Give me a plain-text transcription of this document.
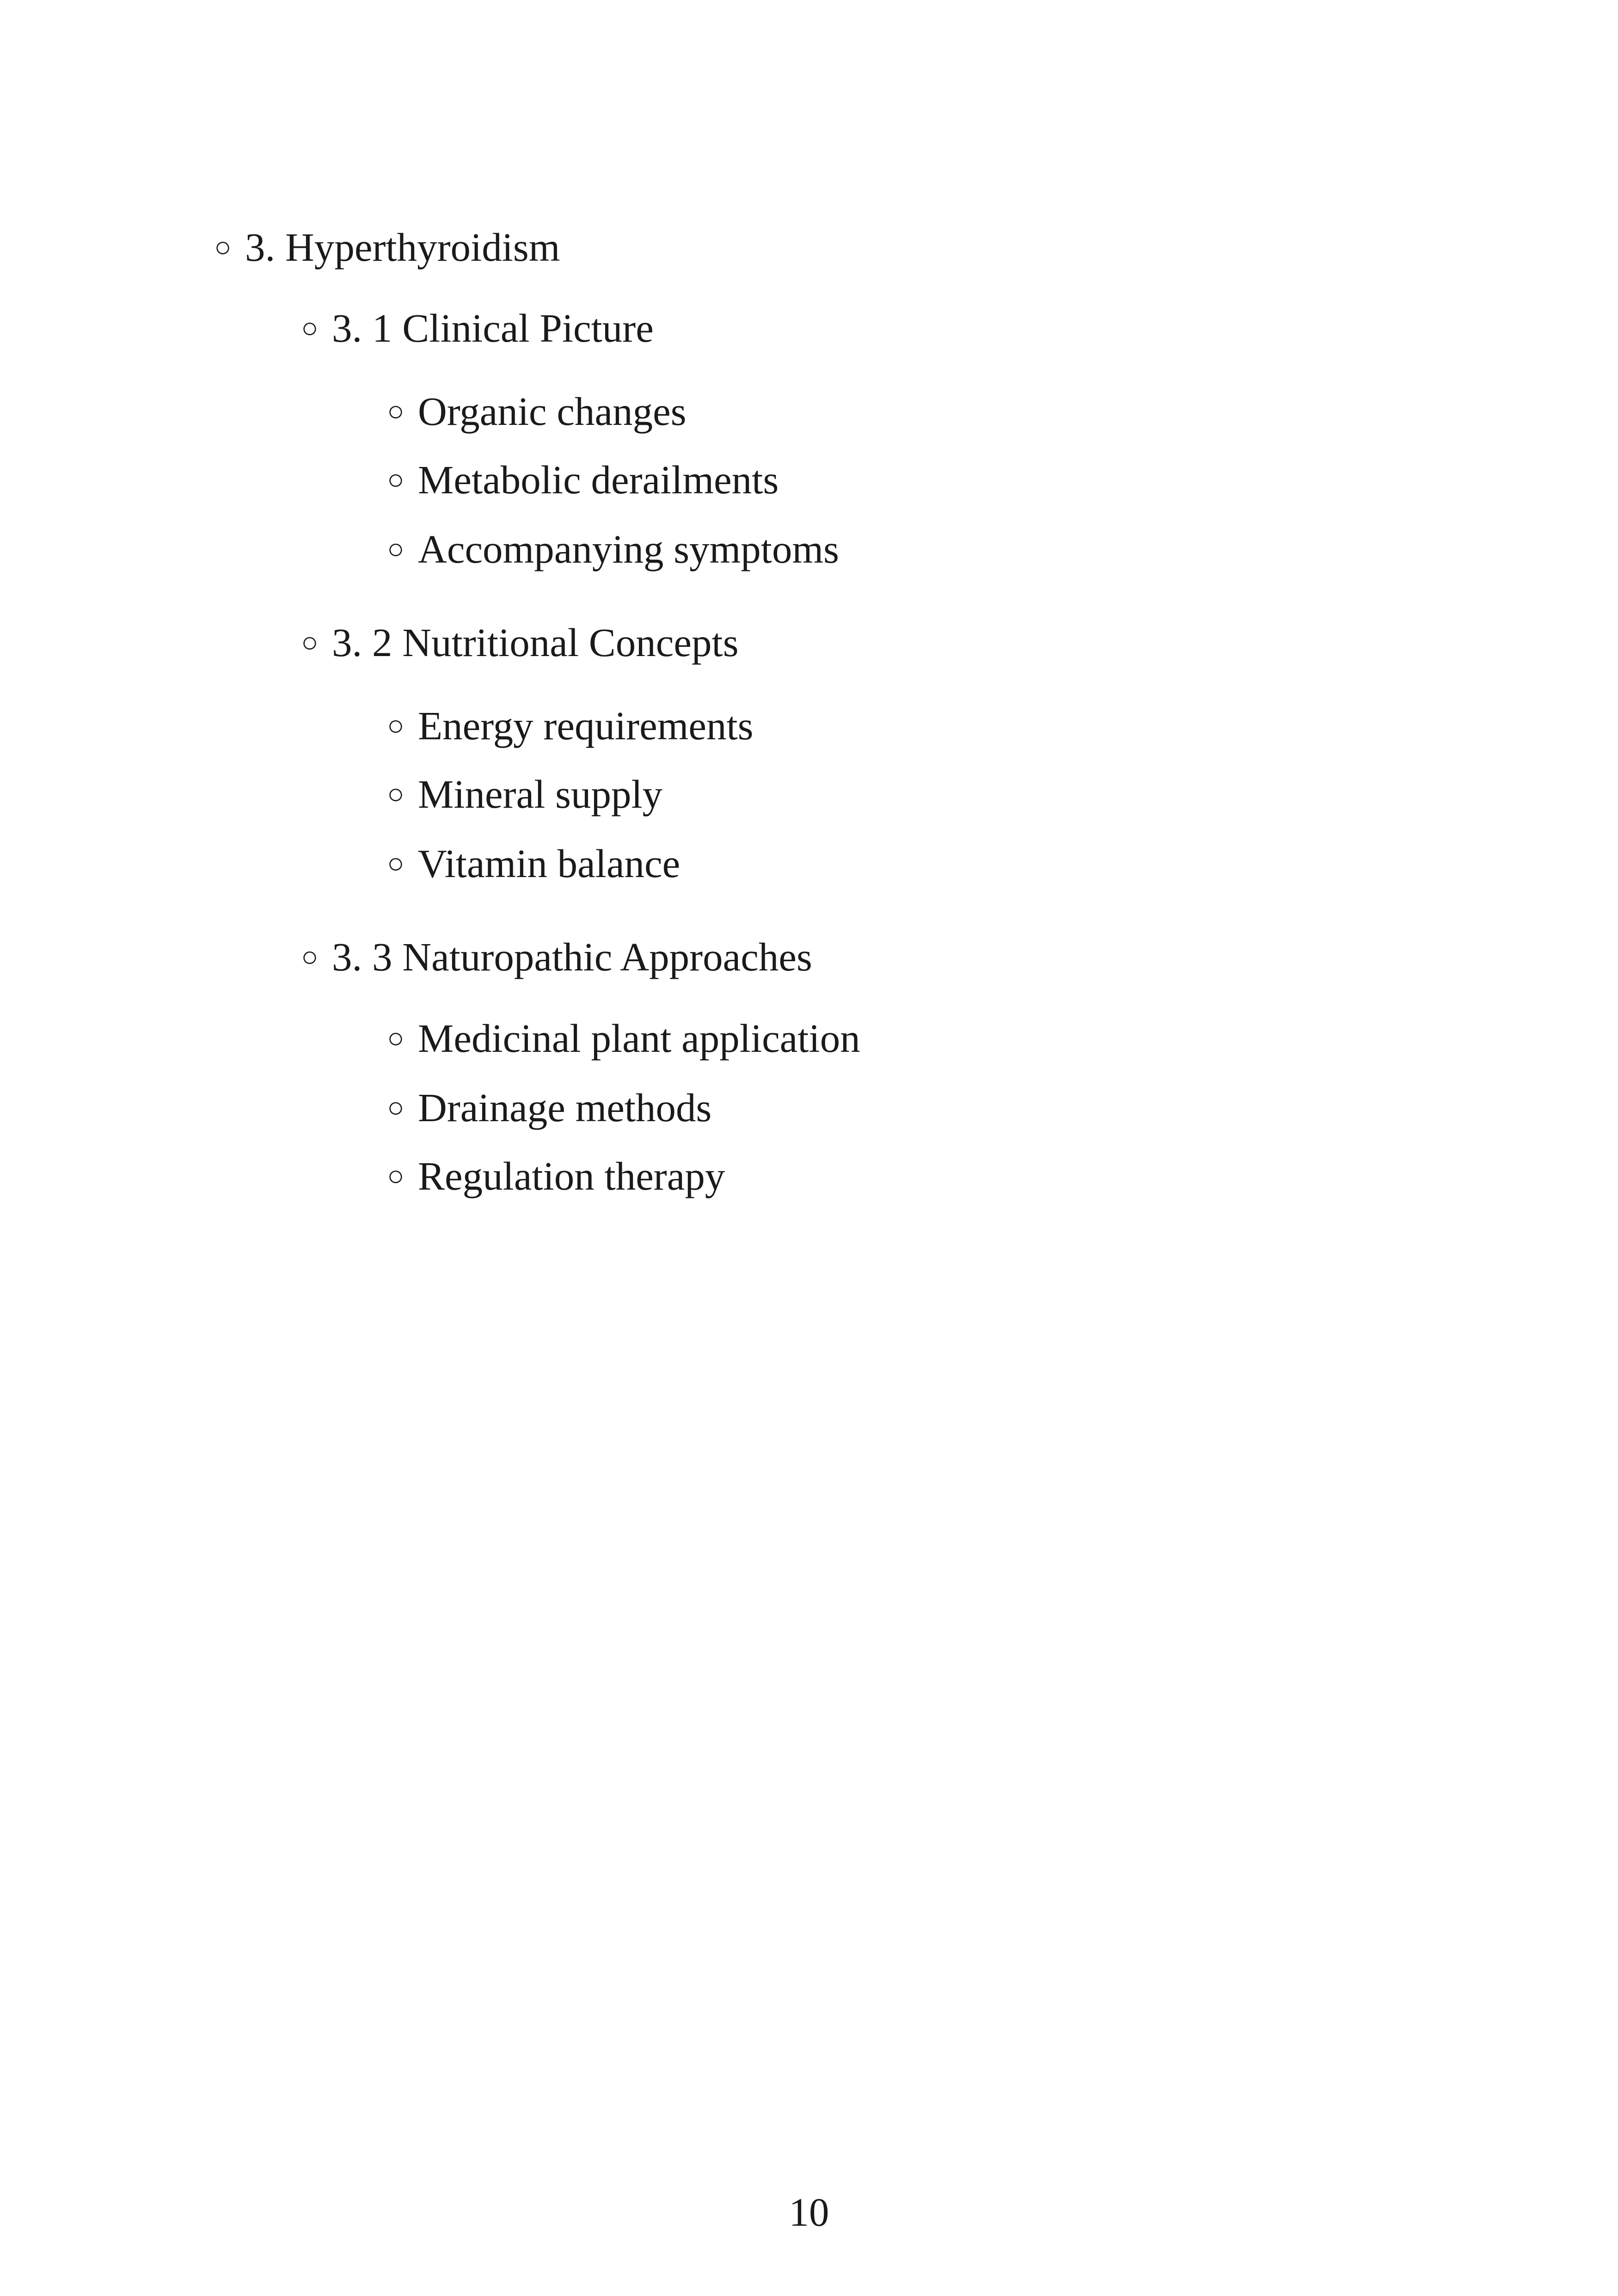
○ 3. Hyperthyroidism
○ 3. 1 Clinical Picture
○ Organic changes
○ Metabolic derailments
○ Accompanying symptoms
○ 3. 2 Nutritional Concepts
○ Energy requirements
○ Mineral supply
○ Vitamin balance
○ 3. 3 Naturopathic Approaches
○ Medicinal plant application
○ Drainage methods
○ Regulation therapy
10
